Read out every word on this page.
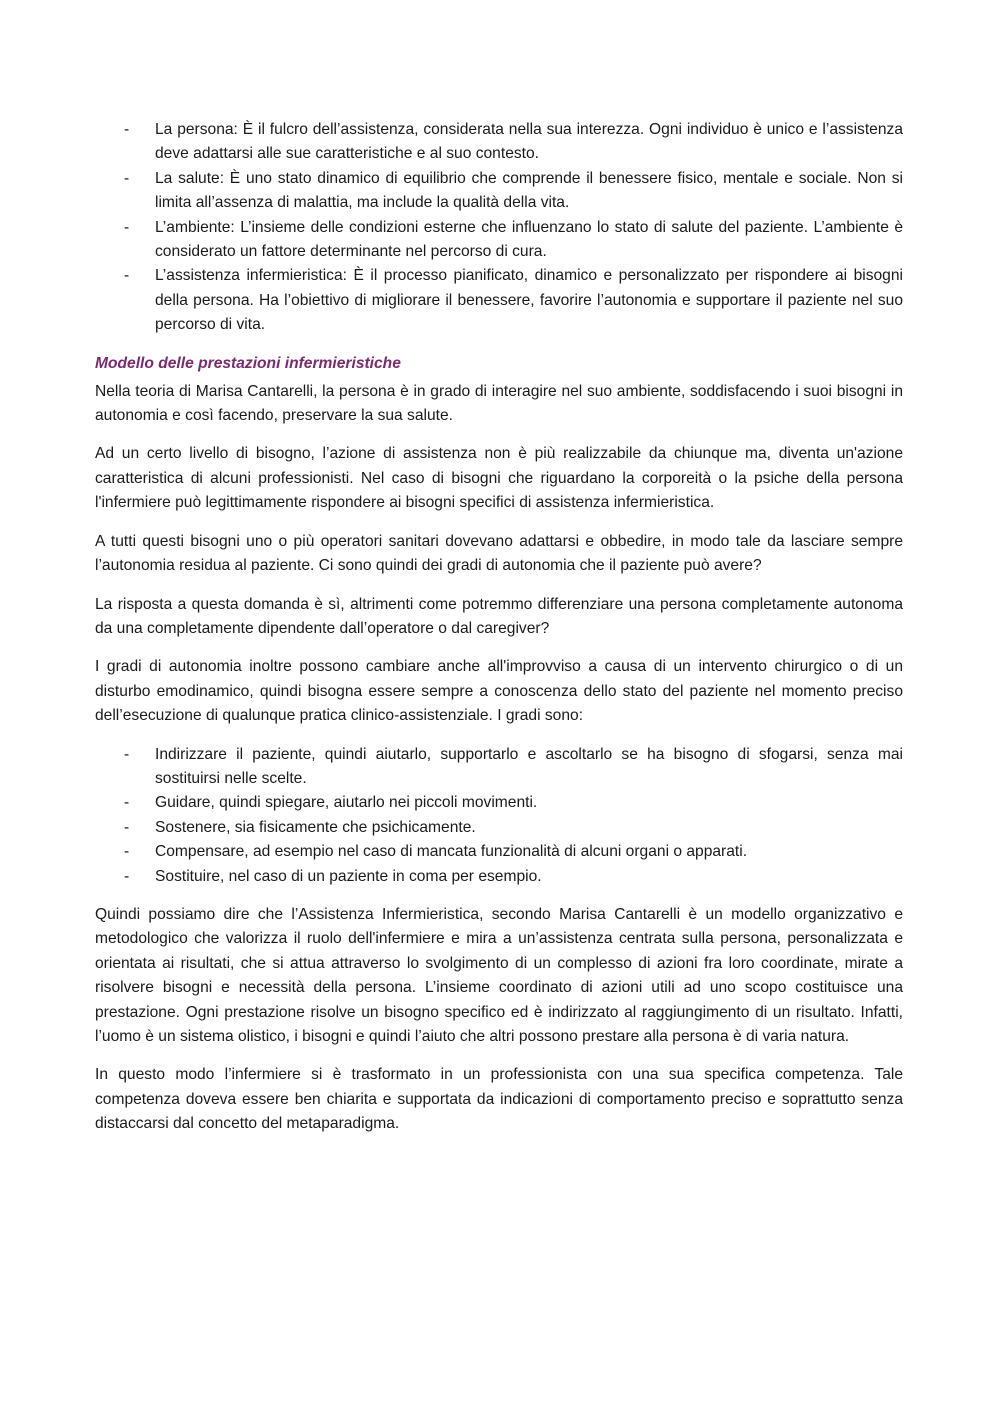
- La persona: È il fulcro dell’assistenza, considerata nella sua interezza. Ogni individuo è unico e l’assistenza deve adattarsi alle sue caratteristiche e al suo contesto.
- La salute: È uno stato dinamico di equilibrio che comprende il benessere fisico, mentale e sociale. Non si limita all’assenza di malattia, ma include la qualità della vita.
- L’ambiente: L’insieme delle condizioni esterne che influenzano lo stato di salute del paziente. L’ambiente è considerato un fattore determinante nel percorso di cura.
- L’assistenza infermieristica: È il processo pianificato, dinamico e personalizzato per rispondere ai bisogni della persona. Ha l’obiettivo di migliorare il benessere, favorire l’autonomia e supportare il paziente nel suo percorso di vita.
Modello delle prestazioni infermieristiche

Nella teoria di Marisa Cantarelli, la persona è in grado di interagire nel suo ambiente, soddisfacendo i suoi bisogni in autonomia e così facendo, preservare la sua salute.

Ad un certo livello di bisogno, l’azione di assistenza non è più realizzabile da chiunque ma, diventa un'azione caratteristica di alcuni professionisti. Nel caso di bisogni che riguardano la corporeità o la psiche della persona l'infermiere può legittimamente rispondere ai bisogni specifici di assistenza infermieristica.

A tutti questi bisogni uno o più operatori sanitari dovevano adattarsi e obbedire, in modo tale da lasciare sempre l’autonomia residua al paziente. Ci sono quindi dei gradi di autonomia che il paziente può avere?

La risposta a questa domanda è sì, altrimenti come potremmo differenziare una persona completamente autonoma da una completamente dipendente dall’operatore o dal caregiver?

I gradi di autonomia inoltre possono cambiare anche all'improvviso a causa di un intervento chirurgico o di un disturbo emodinamico, quindi bisogna essere sempre a conoscenza dello stato del paziente nel momento preciso dell’esecuzione di qualunque pratica clinico-assistenziale. I gradi sono:

- Indirizzare il paziente, quindi aiutarlo, supportarlo e ascoltarlo se ha bisogno di sfogarsi, senza mai sostituirsi nelle scelte.
- Guidare, quindi spiegare, aiutarlo nei piccoli movimenti.
- Sostenere, sia fisicamente che psichicamente.
- Compensare, ad esempio nel caso di mancata funzionalità di alcuni organi o apparati.
- Sostituire, nel caso di un paziente in coma per esempio.

Quindi possiamo dire che l’Assistenza Infermieristica, secondo Marisa Cantarelli è un modello organizzativo e metodologico che valorizza il ruolo dell'infermiere e mira a un’assistenza centrata sulla persona, personalizzata e orientata ai risultati, che si attua attraverso lo svolgimento di un complesso di azioni fra loro coordinate, mirate a risolvere bisogni e necessità della persona. L’insieme coordinato di azioni utili ad uno scopo costituisce una prestazione. Ogni prestazione risolve un bisogno specifico ed è indirizzato al raggiungimento di un risultato. Infatti, l’uomo è un sistema olistico, i bisogni e quindi l’aiuto che altri possono prestare alla persona è di varia natura.

In questo modo l’infermiere si è trasformato in un professionista con una sua specifica competenza. Tale competenza doveva essere ben chiarita e supportata da indicazioni di comportamento preciso e soprattutto senza distaccarsi dal concetto del metaparadigma.
